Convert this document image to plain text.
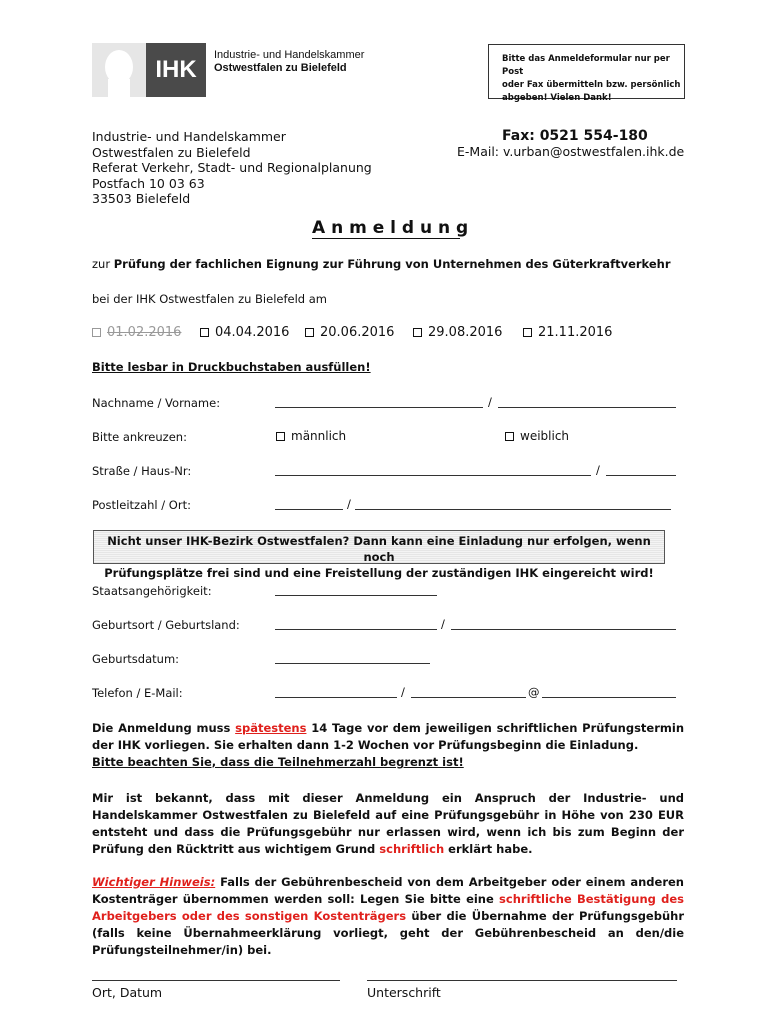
IHK
Industrie- und Handelskammer
Ostwestfalen zu Bielefeld
Bitte das Anmeldeformular nur per Post
oder Fax übermitteln bzw. persönlich
abgeben! Vielen Dank!
Industrie- und Handelskammer
Ostwestfalen zu Bielefeld
Referat Verkehr, Stadt- und Regionalplanung
Postfach 10 03 63
33503 Bielefeld
Fax: 0521 554-180
E-Mail: v.urban@ostwestfalen.ihk.de
A n m e l d u n g
zur Prüfung der fachlichen Eignung zur Führung von Unternehmen des Güterkraftverkehr
bei der IHK Ostwestfalen zu Bielefeld am
01.02.2016	04.04.2016	20.06.2016	29.08.2016	21.11.2016
Bitte lesbar in Druckbuchstaben ausfüllen!
Nachname / Vorname:	/
Bitte ankreuzen:	männlich	weiblich
Straße / Haus-Nr:	/
Postleitzahl / Ort:	/
Nicht unser IHK-Bezirk Ostwestfalen? Dann kann eine Einladung nur erfolgen, wenn noch
Prüfungsplätze frei sind und eine Freistellung der zuständigen IHK eingereicht wird!
Staatsangehörigkeit:
Geburtsort / Geburtsland:	/
Geburtsdatum:
Telefon / E-Mail:	/	@
Die Anmeldung muss spätestens 14 Tage vor dem jeweiligen schriftlichen Prüfungstermin der IHK vorliegen. Sie erhalten dann 1-2 Wochen vor Prüfungsbeginn die Einladung.
Bitte beachten Sie, dass die Teilnehmerzahl begrenzt ist!
Mir ist bekannt, dass mit dieser Anmeldung ein Anspruch der Industrie- und Handelskammer Ostwestfalen zu Bielefeld auf eine Prüfungsgebühr in Höhe von 230 EUR entsteht und dass die Prüfungsgebühr nur erlassen wird, wenn ich bis zum Beginn der Prüfung den Rücktritt aus wichtigem Grund schriftlich erklärt habe.
Wichtiger Hinweis: Falls der Gebührenbescheid von dem Arbeitgeber oder einem anderen Kostenträger übernommen werden soll: Legen Sie bitte eine schriftliche Bestätigung des Arbeitgebers oder des sonstigen Kostenträgers über die Übernahme der Prüfungsgebühr (falls keine Übernahmeerklärung vorliegt, geht der Gebührenbescheid an den/die Prüfungsteilnehmer/in) bei.
Ort, Datum	Unterschrift
